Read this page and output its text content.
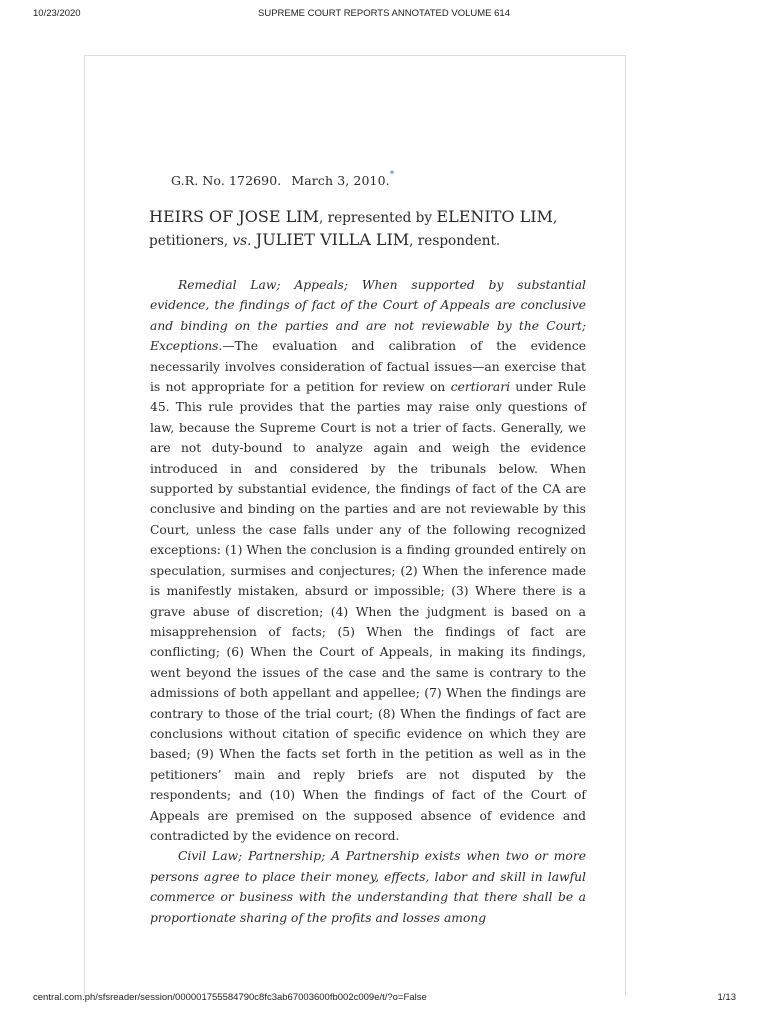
10/23/2020	SUPREME COURT REPORTS ANNOTATED VOLUME 614
G.R. No. 172690. March 3, 2010.*
HEIRS OF JOSE LIM, represented by ELENITO LIM, petitioners, vs. JULIET VILLA LIM, respondent.

Remedial Law; Appeals; When supported by substantial evidence, the findings of fact of the Court of Appeals are conclusive and binding on the parties and are not reviewable by the Court; Exceptions.—The evaluation and calibration of the evidence necessarily involves consideration of factual issues—an exercise that is not appropriate for a petition for review on certiorari under Rule 45. This rule provides that the parties may raise only questions of law, because the Supreme Court is not a trier of facts. Generally, we are not duty-bound to analyze again and weigh the evidence introduced in and considered by the tribunals below. When supported by substantial evidence, the findings of fact of the CA are conclusive and binding on the parties and are not reviewable by this Court, unless the case falls under any of the following recognized exceptions: (1) When the conclusion is a finding grounded entirely on speculation, surmises and conjectures; (2) When the inference made is manifestly mistaken, absurd or impossible; (3) Where there is a grave abuse of discretion; (4) When the judgment is based on a misapprehension of facts; (5) When the findings of fact are conflicting; (6) When the Court of Appeals, in making its findings, went beyond the issues of the case and the same is contrary to the admissions of both appellant and appellee; (7) When the findings are contrary to those of the trial court; (8) When the findings of fact are conclusions without citation of specific evidence on which they are based; (9) When the facts set forth in the petition as well as in the petitioners’ main and reply briefs are not disputed by the respondents; and (10) When the findings of fact of the Court of Appeals are premised on the supposed absence of evidence and contradicted by the evidence on record.

Civil Law; Partnership; A Partnership exists when two or more persons agree to place their money, effects, labor and skill in lawful commerce or business with the understanding that there shall be a proportionate sharing of the profits and losses among

central.com.ph/sfsreader/session/000001755584790c8fc3ab67003600fb002c009e/t/?o=False	1/13
